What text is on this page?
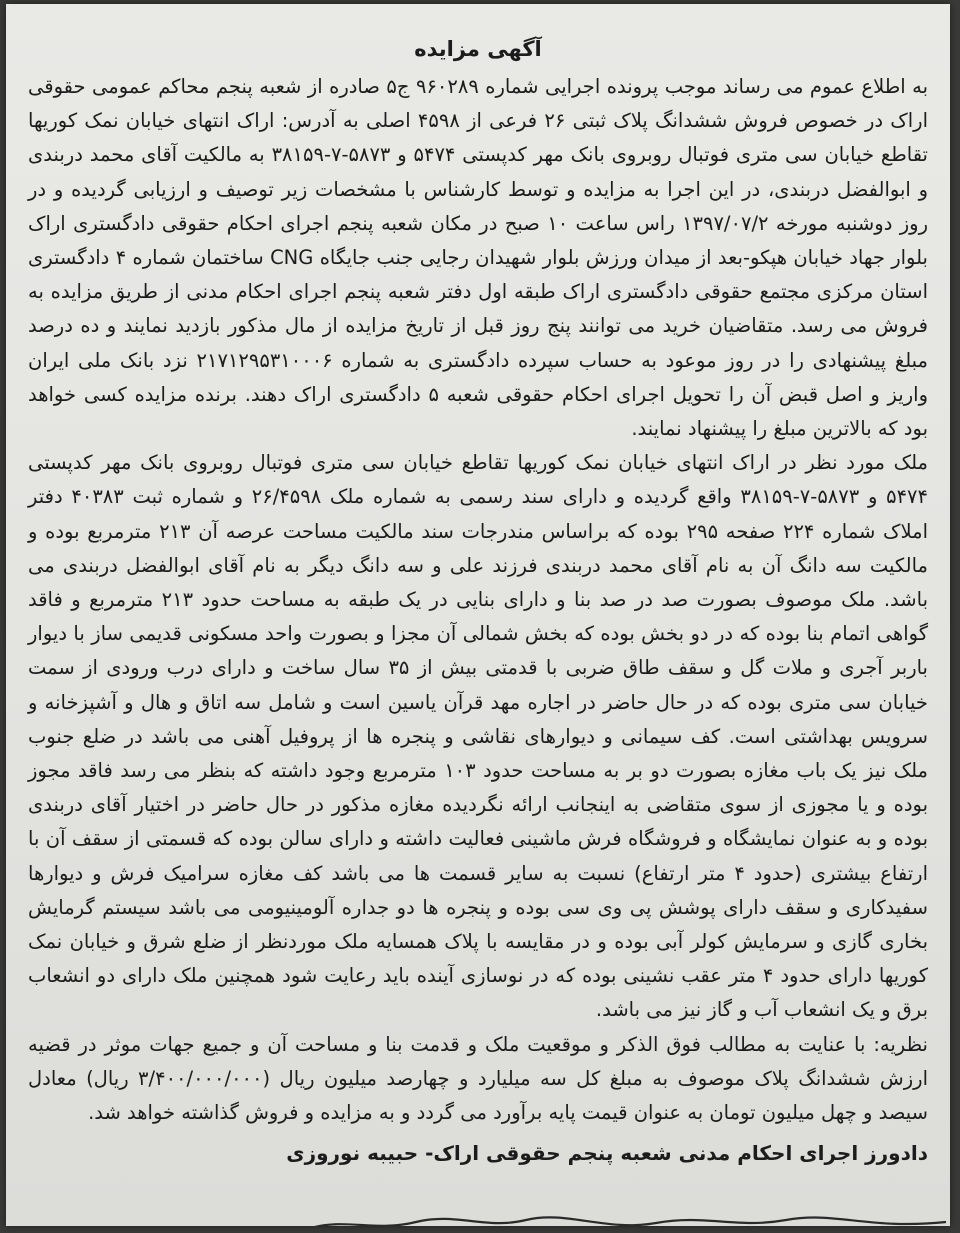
آگهی مزایده

به اطلاع عموم می رساند موجب پرونده اجرایی شماره ۹۶۰۲۸۹ ج۵ صادره از شعبه پنجم محاکم عمومی حقوقی اراک در خصوص فروش ششدانگ پلاک ثبتی ۲۶ فرعی از ۴۵۹۸ اصلی به آدرس: اراک انتهای خیابان نمک کوریها تقاطع خیابان سی متری فوتبال روبروی بانک مهر کدپستی ۵۴۷۴ و ۵۸۷۳-۷-۳۸۱۵۹ به مالکیت آقای محمد دربندی و ابوالفضل دربندی، در این اجرا به مزایده و توسط کارشناس با مشخصات زیر توصیف و ارزیابی گردیده و در روز دوشنبه مورخه ۱۳۹۷/۰۷/۲ راس ساعت ۱۰ صبح در مکان شعبه پنجم اجرای احکام حقوقی دادگستری اراک بلوار جهاد خیابان هپکو-بعد از میدان ورزش بلوار شهیدان رجایی جنب جایگاه CNG ساختمان شماره ۴ دادگستری استان مرکزی مجتمع حقوقی دادگستری اراک طبقه اول دفتر شعبه پنجم اجرای احکام مدنی از طریق مزایده به فروش می رسد. متقاضیان خرید می توانند پنج روز قبل از تاریخ مزایده از مال مذکور بازدید نمایند و ده درصد مبلغ پیشنهادی را در روز موعود به حساب سپرده دادگستری به شماره ۲۱۷۱۲۹۵۳۱۰۰۰۶ نزد بانک ملی ایران واریز و اصل قبض آن را تحویل اجرای احکام حقوقی شعبه ۵ دادگستری اراک دهند. برنده مزایده کسی خواهد بود که بالاترین مبلغ را پیشنهاد نمایند.

ملک مورد نظر در اراک انتهای خیابان نمک کوریها تقاطع خیابان سی متری فوتبال روبروی بانک مهر کدپستی ۵۴۷۴ و ۵۸۷۳-۷-۳۸۱۵۹ واقع گردیده و دارای سند رسمی به شماره ملک ۲۶/۴۵۹۸ و شماره ثبت ۴۰۳۸۳ دفتر املاک شماره ۲۲۴ صفحه ۲۹۵ بوده که براساس مندرجات سند مالکیت مساحت عرصه آن ۲۱۳ مترمربع بوده و مالکیت سه دانگ آن به نام آقای محمد دربندی فرزند علی و سه دانگ دیگر به نام آقای ابوالفضل دربندی می باشد. ملک موصوف بصورت صد در صد بنا و دارای بنایی در یک طبقه به مساحت حدود ۲۱۳ مترمربع و فاقد گواهی اتمام بنا بوده که در دو بخش بوده که بخش شمالی آن مجزا و بصورت واحد مسکونی قدیمی ساز با دیوار باربر آجری و ملات گل و سقف طاق ضربی با قدمتی بیش از ۳۵ سال ساخت و دارای درب ورودی از سمت خیابان سی متری بوده که در حال حاضر در اجاره مهد قرآن یاسین است و شامل سه اتاق و هال و آشپزخانه و سرویس بهداشتی است. کف سیمانی و دیوارهای نقاشی و پنجره ها از پروفیل آهنی می باشد در ضلع جنوب ملک نیز یک باب مغازه بصورت دو بر به مساحت حدود ۱۰۳ مترمربع وجود داشته که بنظر می رسد فاقد مجوز بوده و یا مجوزی از سوی متقاضی به اینجانب ارائه نگردیده مغازه مذکور در حال حاضر در اختیار آقای دربندی بوده و به عنوان نمایشگاه و فروشگاه فرش ماشینی فعالیت داشته و دارای سالن بوده که قسمتی از سقف آن با ارتفاع بیشتری (حدود ۴ متر ارتفاع) نسبت به سایر قسمت ها می باشد کف مغازه سرامیک فرش و دیوارها سفیدکاری و سقف دارای پوشش پی وی سی بوده و پنجره ها دو جداره آلومینیومی می باشد سیستم گرمایش بخاری گازی و سرمایش کولر آبی بوده و در مقایسه با پلاک همسایه ملک موردنظر از ضلع شرق و خیابان نمک کوریها دارای حدود ۴ متر عقب نشینی بوده که در نوسازی آینده باید رعایت شود همچنین ملک دارای دو انشعاب برق و یک انشعاب آب و گاز نیز می باشد.

نظریه: با عنایت به مطالب فوق الذکر و موقعیت ملک و قدمت بنا و مساحت آن و جمیع جهات موثر در قضیه ارزش ششدانگ پلاک موصوف به مبلغ کل سه میلیارد و چهارصد میلیون ریال (۳/۴۰۰/۰۰۰/۰۰۰ ریال) معادل سیصد و چهل میلیون تومان به عنوان قیمت پایه برآورد می گردد و به مزایده و فروش گذاشته خواهد شد.

دادورز اجرای احکام مدنی شعبه پنجم حقوقی اراک- حبیبه نوروزی
